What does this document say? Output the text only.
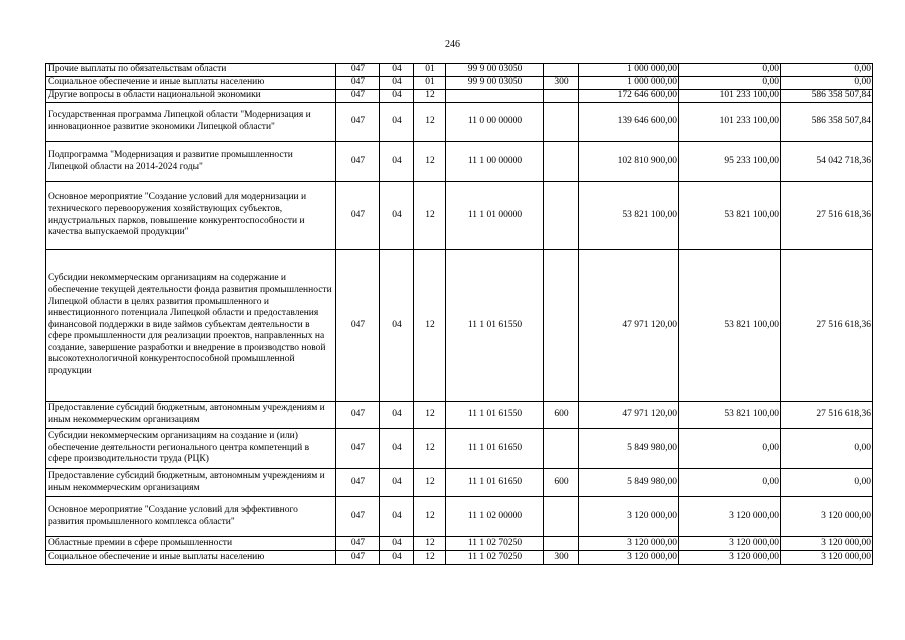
246
Прочие выплаты по обязательствам области	047	04	01	99 9 00 03050		1 000 000,00	0,00	0,00
Социальное обеспечение и иные выплаты населению	047	04	01	99 9 00 03050	300	1 000 000,00	0,00	0,00
Другие вопросы в области национальной экономики	047	04	12			172 646 600,00	101 233 100,00	586 358 507,84
Государственная программа Липецкой области "Модернизация и инновационное развитие экономики Липецкой области"	047	04	12	11 0 00 00000		139 646 600,00	101 233 100,00	586 358 507,84
Подпрограмма "Модернизация и развитие промышленности Липецкой области на 2014-2024 годы"	047	04	12	11 1 00 00000		102 810 900,00	95 233 100,00	54 042 718,36
Основное мероприятие "Создание условий для модернизации и технического перевооружения хозяйствующих субъектов, индустриальных парков, повышение конкурентоспособности и качества выпускаемой продукции"	047	04	12	11 1 01 00000		53 821 100,00	53 821 100,00	27 516 618,36
Субсидии некоммерческим организациям на содержание и обеспечение текущей деятельности фонда развития промышленности Липецкой области в целях развития промышленного и инвестиционного потенциала Липецкой области и предоставления финансовой поддержки в виде займов субъектам деятельности в сфере промышленности для реализации проектов, направленных на создание, завершение разработки и внедрение в производство новой высокотехнологичной конкурентоспособной промышленной продукции	047	04	12	11 1 01 61550		47 971 120,00	53 821 100,00	27 516 618,36
Предоставление субсидий бюджетным, автономным учреждениям и иным некоммерческим организациям	047	04	12	11 1 01 61550	600	47 971 120,00	53 821 100,00	27 516 618,36
Субсидии некоммерческим организациям на создание и (или) обеспечение деятельности регионального центра компетенций в сфере производительности труда (РЦК)	047	04	12	11 1 01 61650		5 849 980,00	0,00	0,00
Предоставление субсидий бюджетным, автономным учреждениям и иным некоммерческим организациям	047	04	12	11 1 01 61650	600	5 849 980,00	0,00	0,00
Основное мероприятие "Создание условий для эффективного развития промышленного комплекса области"	047	04	12	11 1 02 00000		3 120 000,00	3 120 000,00	3 120 000,00
Областные премии в сфере промышленности	047	04	12	11 1 02 70250		3 120 000,00	3 120 000,00	3 120 000,00
Социальное обеспечение и иные выплаты населению	047	04	12	11 1 02 70250	300	3 120 000,00	3 120 000,00	3 120 000,00
